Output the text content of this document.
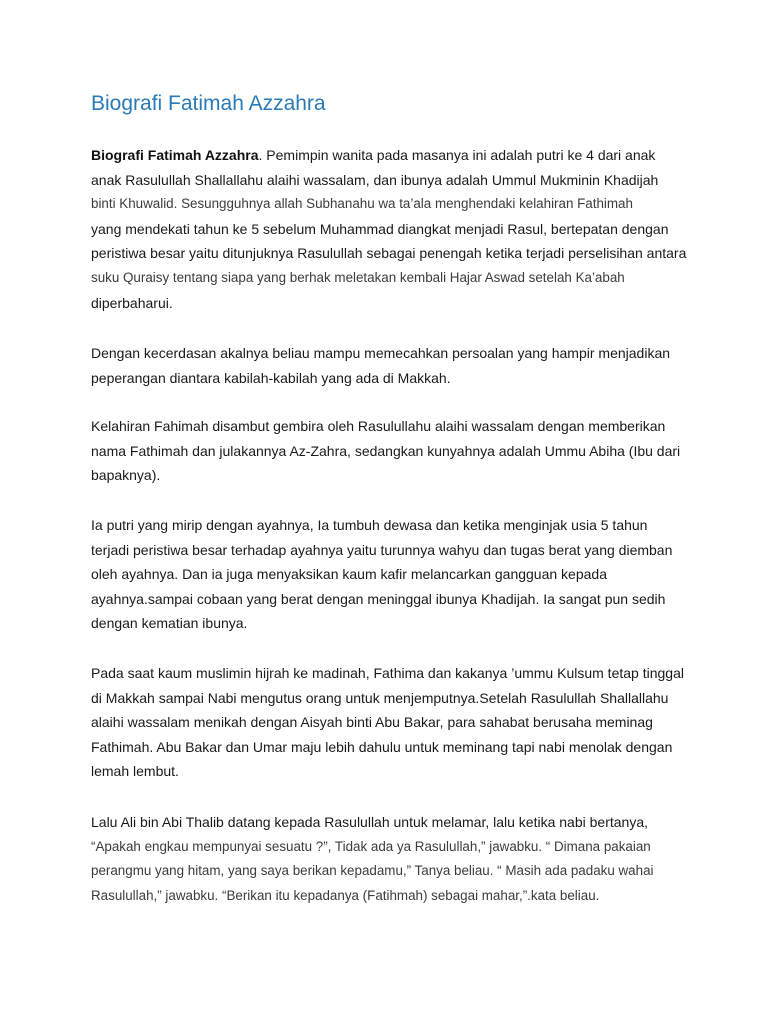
Biografi Fatimah Azzahra
Biografi Fatimah Azzahra. Pemimpin wanita pada masanya ini adalah putri ke 4 dari anak
anak Rasulullah Shallallahu alaihi wassalam, dan ibunya adalah Ummul Mukminin Khadijah
binti Khuwalid. Sesungguhnya allah Subhanahu wa ta’ala menghendaki kelahiran Fathimah
yang mendekati tahun ke 5 sebelum Muhammad diangkat menjadi Rasul, bertepatan dengan
peristiwa besar yaitu ditunjuknya Rasulullah sebagai penengah ketika terjadi perselisihan antara
suku Quraisy tentang siapa yang berhak meletakan kembali Hajar Aswad setelah Ka’abah
diperbaharui.
Dengan kecerdasan akalnya beliau mampu memecahkan persoalan yang hampir menjadikan
peperangan diantara kabilah-kabilah yang ada di Makkah.
Kelahiran Fahimah disambut gembira oleh Rasulullahu alaihi wassalam dengan memberikan
nama Fathimah dan julakannya Az-Zahra, sedangkan kunyahnya adalah Ummu Abiha (Ibu dari
bapaknya).
Ia putri yang mirip dengan ayahnya, Ia tumbuh dewasa dan ketika menginjak usia 5 tahun
terjadi peristiwa besar terhadap ayahnya yaitu turunnya wahyu dan tugas berat yang diemban
oleh ayahnya. Dan ia juga menyaksikan kaum kafir melancarkan gangguan kepada
ayahnya.sampai cobaan yang berat dengan meninggal ibunya Khadijah. Ia sangat pun sedih
dengan kematian ibunya.
Pada saat kaum muslimin hijrah ke madinah, Fathima dan kakanya ’ummu Kulsum tetap tinggal
di Makkah sampai Nabi mengutus orang untuk menjemputnya.Setelah Rasulullah Shallallahu
alaihi wassalam menikah dengan Aisyah binti Abu Bakar, para sahabat berusaha meminag
Fathimah. Abu Bakar dan Umar maju lebih dahulu untuk meminang tapi nabi menolak dengan
lemah lembut.
Lalu Ali bin Abi Thalib datang kepada Rasulullah untuk melamar, lalu ketika nabi bertanya,
“Apakah engkau mempunyai sesuatu ?”, Tidak ada ya Rasulullah,” jawabku. “ Dimana pakaian
perangmu yang hitam, yang saya berikan kepadamu,” Tanya beliau. “ Masih ada padaku wahai
Rasulullah,” jawabku. “Berikan itu kepadanya (Fatihmah) sebagai mahar,”.kata beliau.
